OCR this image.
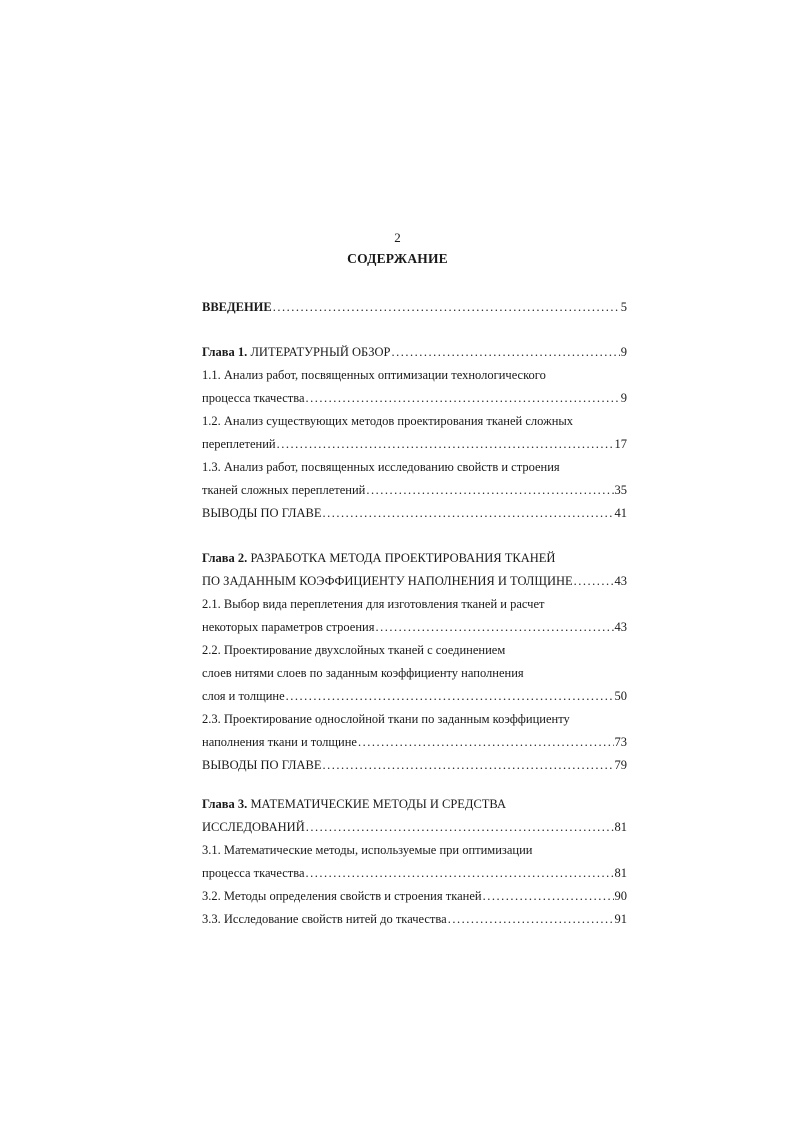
2
СОДЕРЖАНИЕ
ВВЕДЕНИЕ .....	5
Глава 1. ЛИТЕРАТУРНЫЙ ОБЗОР .....	9
1.1. Анализ работ, посвященных оптимизации технологического
процесса ткачества .....	9
1.2. Анализ существующих методов проектирования тканей сложных
переплетений .....	17
1.3. Анализ работ, посвященных исследованию свойств и строения
тканей сложных переплетений .....	35
ВЫВОДЫ ПО ГЛАВЕ .....	41
Глава 2. РАЗРАБОТКА МЕТОДА ПРОЕКТИРОВАНИЯ ТКАНЕЙ
ПО ЗАДАННЫМ КОЭФФИЦИЕНТУ НАПОЛНЕНИЯ И ТОЛЩИНЕ .....	43
2.1. Выбор вида переплетения для изготовления тканей и расчет
некоторых параметров строения .....	43
2.2. Проектирование двухслойных тканей с соединением
слоев нитями слоев по заданным коэффициенту наполнения
слоя и толщине .....	50
2.3. Проектирование однослойной ткани по заданным коэффициенту
наполнения ткани и толщине .....	73
ВЫВОДЫ ПО ГЛАВЕ .....	79
Глава 3. МАТЕМАТИЧЕСКИЕ МЕТОДЫ И СРЕДСТВА
ИССЛЕДОВАНИЙ .....	81
3.1. Математические методы, используемые при оптимизации
процесса ткачества .....	81
3.2. Методы определения свойств и строения тканей .....	90
3.3. Исследование свойств нитей до ткачества .....	91
